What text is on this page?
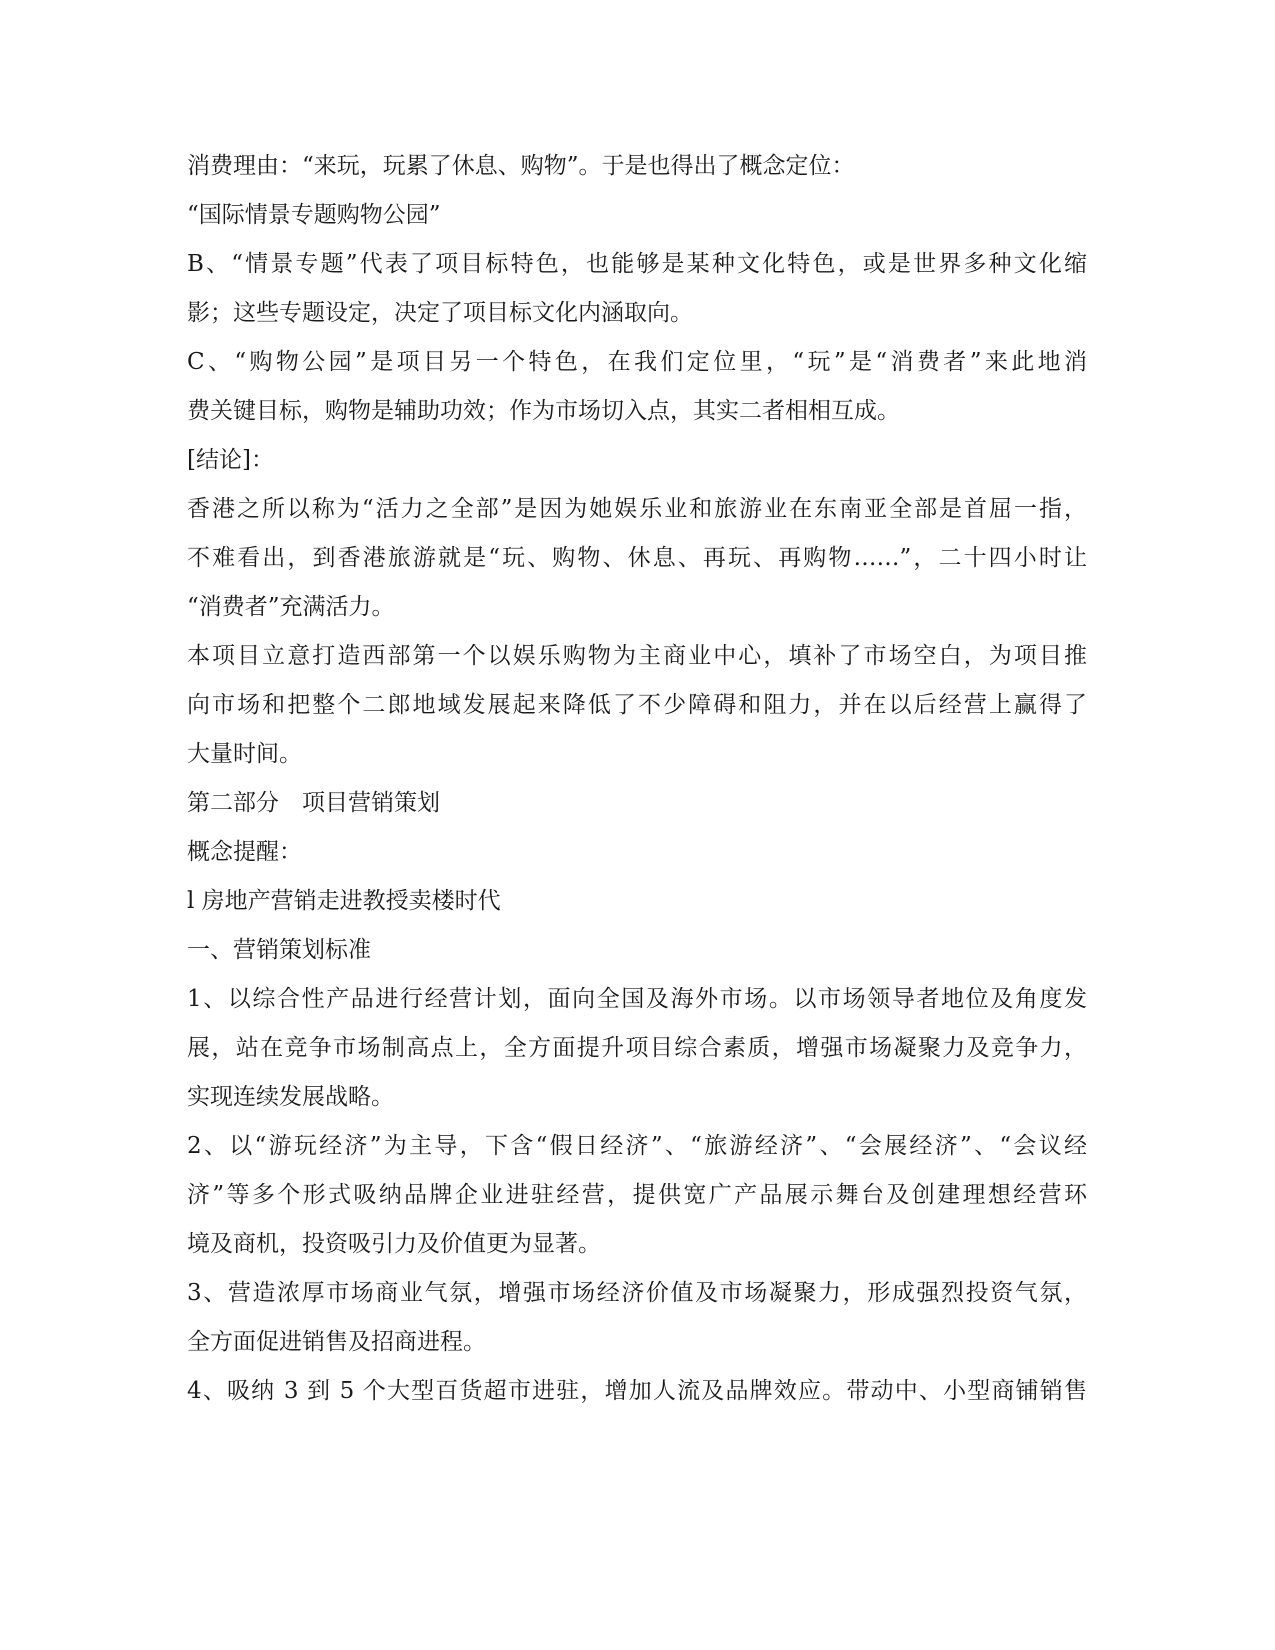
消费理由：“来玩，玩累了休息、购物”。于是也得出了概念定位：
“国际情景专题购物公园”
B、“情景专题”代表了项目标特色，也能够是某种文化特色，或是世界多种文化缩
影；这些专题设定，决定了项目标文化内涵取向。
C、“购物公园”是项目另一个特色，在我们定位里，“玩”是“消费者”来此地消
费关键目标，购物是辅助功效；作为市场切入点，其实二者相相互成。
[结论]：
香港之所以称为“活力之全部”是因为她娱乐业和旅游业在东南亚全部是首屈一指，
不难看出，到香港旅游就是“玩、购物、休息、再玩、再购物……”，二十四小时让
“消费者”充满活力。
本项目立意打造西部第一个以娱乐购物为主商业中心，填补了市场空白，为项目推
向市场和把整个二郎地域发展起来降低了不少障碍和阻力，并在以后经营上赢得了
大量时间。
第二部分　项目营销策划
概念提醒：
l 房地产营销走进教授卖楼时代
一、营销策划标准
1、以综合性产品进行经营计划，面向全国及海外市场。以市场领导者地位及角度发
展，站在竞争市场制高点上，全方面提升项目综合素质，增强市场凝聚力及竞争力，
实现连续发展战略。
2、以“游玩经济”为主导，下含“假日经济”、“旅游经济”、“会展经济”、“会议经
济”等多个形式吸纳品牌企业进驻经营，提供宽广产品展示舞台及创建理想经营环
境及商机，投资吸引力及价值更为显著。
3、营造浓厚市场商业气氛，增强市场经济价值及市场凝聚力，形成强烈投资气氛，
全方面促进销售及招商进程。
4、吸纳 3 到 5 个大型百货超市进驻，增加人流及品牌效应。带动中、小型商铺销售
